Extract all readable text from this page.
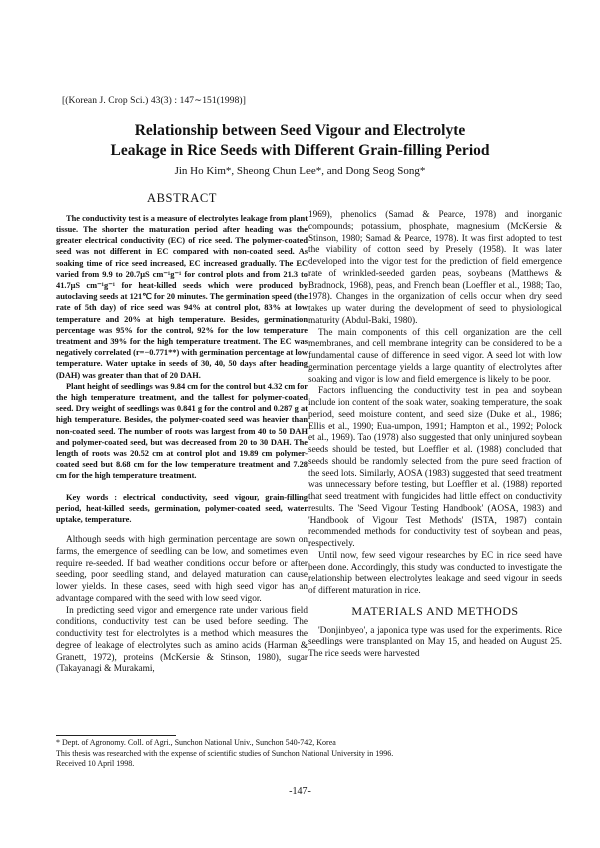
[(Korean J. Crop Sci.) 43(3) : 147∼151(1998)]
Relationship between Seed Vigour and Electrolyte
Leakage in Rice Seeds with Different Grain-filling Period
Jin Ho Kim*, Sheong Chun Lee*, and Dong Seog Song*
ABSTRACT

The conductivity test is a measure of electrolytes leakage from plant tissue. The shorter the maturation period after heading was the greater electrical conductivity (EC) of rice seed. The polymer-coated seed was not different in EC compared with non-coated seed. As soaking time of rice seed increased, EC increased gradually. The EC varied from 9.9 to 20.7μS cm⁻¹g⁻¹ for control plots and from 21.3 to 41.7μS cm⁻¹g⁻¹ for heat-killed seeds which were produced by autoclaving seeds at 121℃ for 20 minutes. The germination speed (the rate of 5th day) of rice seed was 94% at control plot, 83% at low temperature and 20% at high temperature. Besides, germination percentage was 95% for the control, 92% for the low temperature treatment and 39% for the high temperature treatment. The EC was negatively correlated (r=−0.771**) with germination percentage at low temperature. Water uptake in seeds of 30, 40, 50 days after heading (DAH) was greater than that of 20 DAH.

Plant height of seedlings was 9.84 cm for the control but 4.32 cm for the high temperature treatment, and the tallest for polymer-coated seed. Dry weight of seedlings was 0.841 g for the control and 0.287 g at high temperature. Besides, the polymer-coated seed was heavier than non-coated seed. The number of roots was largest from 40 to 50 DAH and polymer-coated seed, but was decreased from 20 to 30 DAH. The length of roots was 20.52 cm at control plot and 19.89 cm polymer-coated seed but 8.68 cm for the low temperature treatment and 7.28 cm for the high temperature treatment.

Key words : electrical conductivity, seed vigour, grain-filling period, heat-killed seeds, germination, polymer-coated seed, water uptake, temperature.

Although seeds with high germination percentage are sown on farms, the emergence of seedling can be low, and sometimes even require re-seeded. If bad weather conditions occur before or after seeding, poor seedling stand, and delayed maturation can cause lower yields. In these cases, seed with high seed vigor has an advantage compared with the seed with low seed vigor.

In predicting seed vigor and emergence rate under various field conditions, conductivity test can be used before seeding. The conductivity test for electrolytes is a method which measures the degree of leakage of electrolytes such as amino acids (Harman & Granett, 1972), proteins (McKersie & Stinson, 1980), sugar (Takayanagi & Murakami,

1969), phenolics (Samad & Pearce, 1978) and inorganic compounds; potassium, phosphate, magnesium (McKersie & Stinson, 1980; Samad & Pearce, 1978). It was first adopted to test the viability of cotton seed by Presely (1958). It was later developed into the vigor test for the prediction of field emergence rate of wrinkled-seeded garden peas, soybeans (Matthews & Bradnock, 1968), peas, and French bean (Loeffler et al., 1988; Tao, 1978). Changes in the organization of cells occur when dry seed takes up water during the development of seed to physiological maturity (Abdul-Baki, 1980).

The main components of this cell organization are the cell membranes, and cell membrane integrity can be considered to be a fundamental cause of difference in seed vigor. A seed lot with low germination percentage yields a large quantity of electrolytes after soaking and vigor is low and field emergence is likely to be poor.

Factors influencing the conductivity test in pea and soybean include ion content of the soak water, soaking temperature, the soak period, seed moisture content, and seed size (Duke et al., 1986; Ellis et al., 1990; Eua-umpon, 1991; Hampton et al., 1992; Polock et al., 1969). Tao (1978) also suggested that only uninjured soybean seeds should be tested, but Loeffler et al. (1988) concluded that seeds should be randomly selected from the pure seed fraction of the seed lots. Similarly, AOSA (1983) suggested that seed treatment was unnecessary before testing, but Loeffler et al. (1988) reported that seed treatment with fungicides had little effect on conductivity results. The 'Seed Vigour Testing Handbook' (AOSA, 1983) and 'Handbook of Vigour Test Methods' (ISTA, 1987) contain recommended methods for conductivity test of soybean and peas, respectively.

Until now, few seed vigour researches by EC in rice seed have been done. Accordingly, this study was conducted to investigate the relationship between electrolytes leakage and seed vigour in seeds of different maturation in rice.

MATERIALS AND METHODS

'Donjinbyeo', a japonica type was used for the experiments. Rice seedlings were transplanted on May 15, and headed on August 25. The rice seeds were harvested

* Dept. of Agronomy. Coll. of Agri., Sunchon National Univ., Sunchon 540-742, Korea
This thesis was researched with the expense of scientific studies of Sunchon National University in 1996.
Received 10 April 1998.
-147-
